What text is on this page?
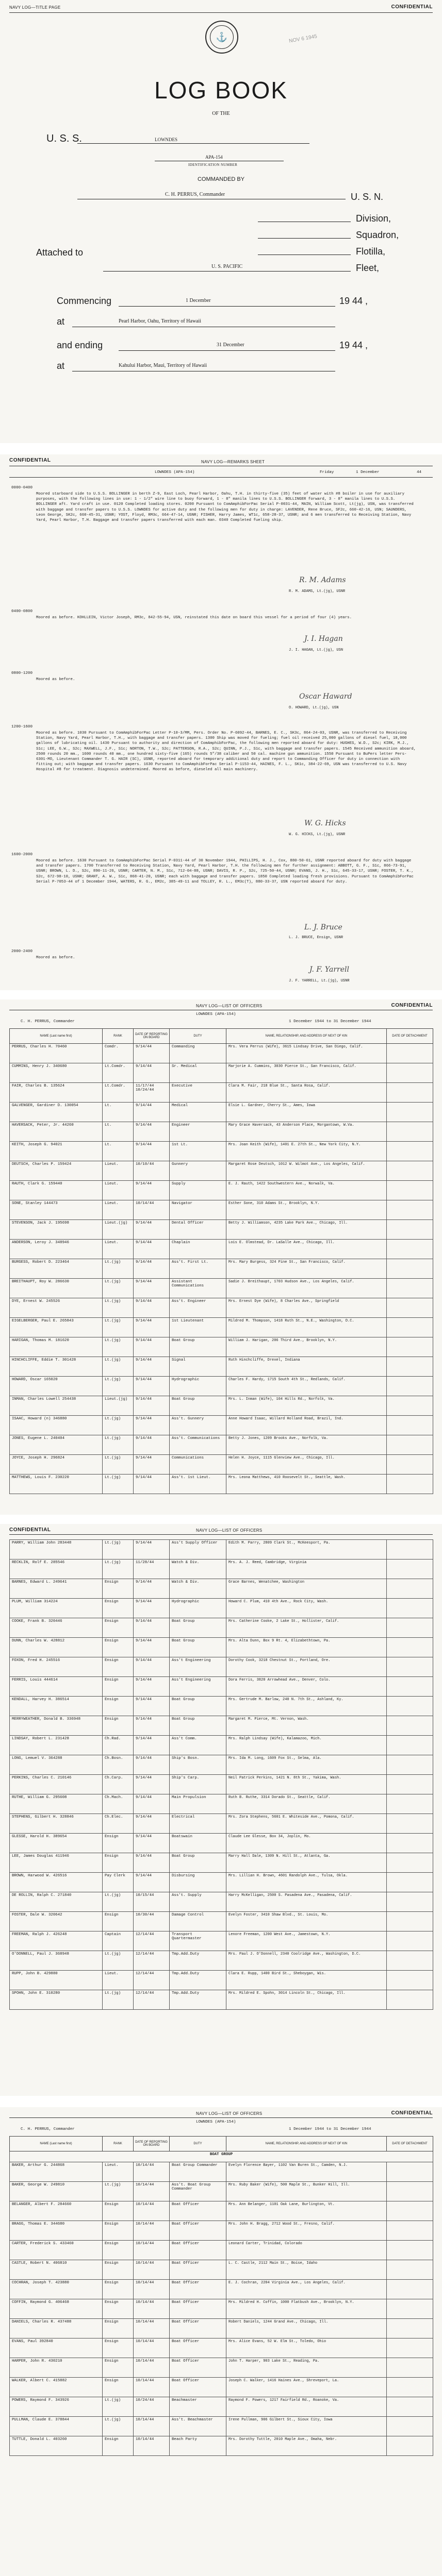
NAVY LOG—TITLE PAGE	CONFIDENTIAL
⚓	NOV 6 1945
LOG BOOK
OF THE
U. S. S.	LOWNDES
APA-154
IDENTIFICATION NUMBER
COMMANDED BY
C. H. PERRUS, Commander	U. S. N.
Division,
Squadron,
Attached to	Flotilla,
U. S. PACIFIC	Fleet,
Commencing	1 December	19 44 ,
at	Pearl Harbor, Oahu, Territory of Hawaii
and ending	31 December	19 44 ,
at	Kahului Harbor, Maui, Territory of Hawaii
CONFIDENTIAL	NAVY LOG—REMARKS SHEET
LOWNDES (APA-154)	Friday	1 December	44
0000-0400
Moored starboard side to U.S.S. BOLLINGER in berth Z-9, East Loch, Pearl Harbor, Oahu, T.H. in thirty-five (35) feet of water with #8 boiler in use for auxiliary purposes, with the following lines in use: 1 - 1/2" wire line to buoy forward, 1 - 8" manila lines to U.S.S. BOLLINGER forward, 3 - 8" manila lines to U.S.S. BOLLINGER aft. Yard craft in use. 0120 Completed loading stores. 0200 Pursuant to ComAmphibForPac Serial P-0031-44, MAIN, William Scott, Lt(jg), USN, was transferred with baggage and transfer papers to U.S.S. LOWNDES for active duty and the following men for duty in charge: LAVENDER, Rene Bruce, SF2c, 660-42-16, USN; SAUNDERS, Leon George, SK2c, 660-45-31, USNR; YOST, Floyd, RM3c, 664-47-14, USNR; FISHER, Harry James, WT1c, 658-28-37, USNR; and 6 men transferred to Receiving Station, Navy Yard, Pearl Harbor, T.H. Baggage and transfer papers transferred with each man. 0340 Completed fueling ship.
R. M. Adams
R. M. ADAMS, Lt.(jg), USNR
0400-0800
Moored as before. KOHLLEIN, Victor Joseph, RM3c, 842-55-94, USN, reinstated this date on board this vessel for a period of four (4) years.
J. I. Hagan
J. I. HAGAN, Lt.(jg), USN
0800-1200
Moored as before.
Oscar Haward
O. HOWARD, Lt.(jg), USN
1200-1600
Moored as before. 1030 Pursuant to ComAmphibForPac Letter P-10-3/MM, Pers. Order No. P-6092-44, BARNES, E. C., SK3c, 864-24-03, USNR, was transferred to Receiving Station, Navy Yard, Pearl Harbor, T.H., with baggage and transfer papers. 1300 Ship was moved for fueling; fuel oil received 25,000 gallons of diesel fuel, 18,000 gallons of lubricating oil. 1430 Pursuant to authority and direction of ComAmphibForPac, the following men reported aboard for duty: HUGHES, W.D., S2c; KIRK, M.J., S1c; LEE, G.W., S2c; MAXWELL, J.F., S1c; NORTON, T.W., S2c; PATTERSON, R.A., S2c; QUINN, P.J., S1c, with baggage and transfer papers. 1545 Received ammunition aboard, 2500 rounds 20 mm., 1600 rounds 40 mm., one hundred sixty-five (165) rounds 5"/38 caliber and 50 cal. machine gun ammunition. 1550 Pursuant to BuPers letter Pers-6301-MO, Lieutenant Commander T. G. HAIR (SC), USNR, reported aboard for temporary additional duty and report to Commanding Officer for duty in connection with fitting out; with baggage and transfer papers. 1630 Pursuant to ComAmphibForPac Serial P-1153-44, HAINES, F. L., SK1c, 384-22-69, USN was transferred to U.S. Navy Hospital #8 for treatment. Diagnosis undetermined. Moored as before, dieseled all main machinery.
W. G. Hicks
W. G. HICKS, Lt.(jg), USNR
1600-2000
Moored as before. 1630 Pursuant to ComAmphibForPac Serial P-0311-44 of 30 November 1944, PHILLIPS, H. J., Cox, 880-50-61, USNR reported aboard for duty with baggage and transfer papers. 1700 Transferred to Receiving Station, Navy Yard, Pearl Harbor, T.H. the following men for further assignment: ABBOTT, G. F., S1c, 866-73-91, USNR; BROWN, L. D., S2c, 890-11-26, USNR; CARTER, N. M., S1c, 712-04-88, USNR; DAVIS, R. P., S2c, 725-50-44, USNR; EVANS, J. H., S1c, 645-33-17, USNR; FOSTER, T. K., S2c, 672-98-10, USNR; GRANT, A. W., S1c, 868-41-20, USNR; each with baggage and transfer papers. 1850 Completed loading fresh provisions. Pursuant to ComAmphibForPac Serial P-7053-44 of 1 December 1944, WATERS, R. G., EM2c, 385-49-11 and TOLLEY, R. L., EM3c(T), 880-33-37, USN reported aboard for duty.
L. J. Bruce
L. J. BRUCE, Ensign, USNR
2000-2400
Moored as before.
J. F. Yarrell
J. F. YARRELL, Lt.(jg), USNR
NAVY LOG—LIST OF OFFICERS	CONFIDENTIAL
LOWNDES (APA-154)
C. H. PERRUS, Commander	1 December 1944 to 31 December 1944
NAME (Last name first)	RANK	DATE OF REPORTING ON BOARD	DUTY	NAME, RELATIONSHIP, AND ADDRESS OF NEXT OF KIN	DATE OF DETACHMENT
PERRUS, Charles H. 70460	Comdr.	9/14/44	Commanding	Mrs. Vera Perrus (Wife), 3615 Lindsay Drive, San Diego, Calif.	
CUMMINS, Henry J. 340680	Lt.Comdr.	9/14/44	Sr. Medical	Marjorie A. Cummins, 3030 Pierce St., San Francisco, Calif.	
FAIR, Charles B. 135624	Lt.Comdr.	11/17/44 10/24/44	Executive	Clara M. Fair, 218 Blue St., Santa Rosa, Calif.	
GALVENGER, Gardiner D. 130054	Lt.	9/14/44	Medical	Elsie L. Gardner, Cherry St., Ames, Iowa	
HAVERSACK, Peter, Jr. 44260	Lt.	9/14/44	Engineer	Mary Grace Haversack, 43 Anderson Place, Morgantown, W.Va.	
KEITH, Joseph G. 94021	Lt.	9/14/44	1st Lt.	Mrs. Joan Keith (Wife), 1401 E. 27th St., New York City, N.Y.	
DEUTSCH, Charles P. 159424	Lieut.	10/10/44	Gunnery	Margaret Rose Deutsch, 1012 W. Wilmot Ave., Los Angeles, Calif.	
RAUTH, Clark G. 159440	Lieut.	9/14/44	Supply	E. J. Rauth, 1422 Southwestern Ave., Norwalk, Va.	
SONE, Stanley 144473	Lieut.	10/14/44	Navigator	Esther Sone, 310 Adams St., Brooklyn, N.Y.	
STEVENSON, Jack J. 195698	Lieut.(jg)	9/14/44	Dental Officer	Betty J. Williamson, 4235 Lake Park Ave., Chicago, Ill.	
ANDERSON, Leroy J. 348946	Lieut.	9/14/44	Chaplain	Lois E. Olmstead, Dr. LaSalle Ave., Chicago, Ill.	
BURGESS, Robert D. 223464	Lt.(jg)	9/14/44	Ass't. First Lt.	Mrs. Mary Burgess, 324 Pine St., San Francisco, Calif.	
BREITHAUPT, Roy W. 286630	Lt.(jg)	9/14/44	Assistant Communications	Sadie J. Breithaupt, 1703 Hudson Ave., Los Angeles, Calif.	
DYE, Ernest W. 245526	Lt.(jg)	9/14/44	Ass't. Engineer	Mrs. Ernest Dye (Wife), 8 Charles Ave., Springfield	
EIGELBERGER, Paul E. 265843	Lt.(jg)	9/14/44	1st Lieutenant	Mildred M. Thompson, 1418 Ruth St., N.E., Washington, D.C.	
HARIGAN, Thomas M. 181620	Lt.(jg)	9/14/44	Boat Group	William J. Harigan, 206 Third Ave., Brooklyn, N.Y.	
HINCHCLIFFE, Eddie T. 301428	Lt.(jg)	9/14/44	Signal	Ruth Hinchcliffe, Drexel, Indiana	
HOWARD, Oscar 165020	Lt.(jg)	9/14/44	Hydrographic	Charles F. Hardy, 1715 South 4th St., Redlands, Calif.	
INMAN, Charles Lowell 254438	Lieut.(jg)	9/14/44	Boat Group	Mrs. L. Inman (Wife), 104 Hills Rd., Norfolk, Va.	
ISAAC, Howard (n) 346880	Lt.(jg)	9/14/44	Ass't. Gunnery	Anne Howard Isaac, Willard Holland Road, Brazil, Ind.	
JONES, Eugene L. 240404	Lt.(jg)	9/14/44	Ass't. Communications	Betty J. Jones, 1209 Brooks Ave., Norfolk, Va.	
JOYCE, Joseph H. 296824	Lt.(jg)	9/14/44	Communications	Helen H. Joyce, 1115 Glenview Ave., Chicago, Ill.	
MATTHEWS, Louis F. 230220	Lt.(jg)	9/14/44	Ass't. 1st Lieut.	Mrs. Leona Matthews, 410 Roosevelt St., Seattle, Wash.	
CONFIDENTIAL	NAVY LOG—LIST OF OFFICERS
PARRY, William John 283448	Lt.(jg)	9/14/44	Ass't Supply Officer	Edith M. Parry, 2809 Clark St., McKeesport, Pa.	
RECKLIN, Rolf E. 285546	Lt.(jg)	11/28/44	Watch & Div.	Mrs. A. J. Reed, Cambridge, Virginia	
BARNES, Edward L. 249641	Ensign	9/14/44	Watch & Div.	Grace Barnes, Wenatchee, Washington	
PLUM, William 314224	Ensign	9/14/44	Hydrographic	Howard C. Plum, 410 4th Ave., Rock City, Wash.	
COOKE, Frank B. 320446	Ensign	9/14/44	Boat Group	Mrs. Catherine Cooke, 2 Lake St., Hollister, Calif.	
DUNN, Charles W. 428812	Ensign	9/14/44	Boat Group	Mrs. Alta Dunn, Box 9 Rt. 4, Elizabethtown, Pa.	
FOXON, Fred H. 245516	Ensign	9/14/44	Ass't Engineering	Dorothy Cook, 3218 Chestnut St., Portland, Ore.	
FERRIS, Louis 444614	Ensign	9/14/44	Ass't Engineering	Dora Ferris, 3820 Arrowhead Ave., Denver, Colo.	
KENDALL, Harvey H. 386514	Ensign	9/14/44	Boat Group	Mrs. Gertrude M. Barlow, 240 N. 7th St., Ashland, Ky.	
MERRYWEATHER, Donald B. 336948	Ensign	9/14/44	Boat Group	Margaret M. Pierce, Mt. Vernon, Wash.	
LINDSAY, Robert L. 231428	Ch.Rad.	9/14/44	Ass't Comm.	Mrs. Ralph Lindsay (Wife), Kalamazoo, Mich.	
LONG, Lemuel V. 364288	Ch.Bosn.	9/14/44	Ship's Bosn.	Mrs. Ida M. Long, 1609 Fox St., Selma, Ala.	
PERKINS, Charles C. 210146	Ch.Carp.	9/14/44	Ship's Carp.	Neil Patrick Perkins, 1421 N. 8th St., Yakima, Wash.	
RUTHE, William G. 295608	Ch.Mach.	9/14/44	Main Propulsion	Ruth B. Ruthe, 3314 Dorado St., Seattle, Calif.	
STEPHENS, Gilbert H. 328846	Ch.Elec.	9/14/44	Electrical	Mrs. Zora Stephens, 5601 E. Whiteside Ave., Pomona, Calif.	
GLESSE, Harold H. 389654	Ensign	9/14/44	Boatswain	Claude Lee Glesse, Box 34, Joplin, Mo.	
LEE, James Douglas 411946	Ensign	9/14/44	Boat Group	Marry Hall Dale, 1309 N. Hill St., Atlanta, Ga.	
BROWN, Harwood W. 426516	Pay Clerk	9/14/44	Disbursing	Mrs. Lillian H. Brown, 4601 Randolph Ave., Tulsa, Okla.	
DE ROLLIN, Ralph C. 271840	Lt.(jg)	10/15/44	Ass't. Supply	Harry McKelligan, 2500 S. Pasadena Ave., Pasadena, Calif.	
FOSTER, Dale W. 320642	Ensign	10/30/44	Damage Control	Evelyn Foster, 3410 Shaw Blvd., St. Louis, Mo.	
FREEMAN, Ralph J. 426248	Captain	12/14/44	Transport Quartermaster	Lenore Freeman, 1200 West Ave., Jamestown, N.Y.	
O'DONNELL, Paul J. 368948	Lt.(jg)	12/14/44	Tmp.Add.Duty	Mrs. Paul J. O'Donnell, 2340 Coolridge Ave., Washington, D.C.	
RUPP, John B. 429880	Lieut.	12/14/44	Tmp.Add.Duty	Clara E. Rupp, 1400 Bird St., Sheboygan, Wis.	
SPOHN, John E. 310280	Lt.(jg)	12/14/44	Tmp.Add.Duty	Mrs. Mildred E. Spohn, 3014 Lincoln St., Chicago, Ill.	
NAVY LOG—LIST OF OFFICERS	CONFIDENTIAL
LOWNDES (APA-154)
C. H. PERRUS, Commander	1 December 1944 to 31 December 1944
NAME (Last name first)	RANK	DATE OF REPORTING ON BOARD	DUTY	NAME, RELATIONSHIP, AND ADDRESS OF NEXT OF KIN	DATE OF DETACHMENT
BOAT GROUP					
BAKER, Arthur G. 244868	Lieut.	10/14/44	Boat Group Commander	Evelyn Florence Bayer, 1102 Van Buren St., Camden, N.J.	
BAKER, George W. 249810	Lt.(jg)	10/14/44	Ass't. Boat Group Commander	Mrs. Ruby Baker (Wife), 500 Maple St., Bunker Hill, Ill.	
BELANGER, Albert F. 284660	Ensign	10/14/44	Boat Officer	Mrs. Ann Belanger, 1101 Oak Lane, Burlington, Vt.	
BRAGG, Thomas E. 344680	Ensign	10/14/44	Boat Officer	Mrs. John H. Bragg, 2712 Wood St., Fresno, Calif.	
CARTER, Frederick S. 433460	Ensign	10/14/44	Boat Officer	Leonard Carter, Trinidad, Colorado	
CASTLE, Robert N. 406810	Ensign	10/14/44	Boat Officer	L. C. Castle, 2112 Main St., Boise, Idaho	
COCHRAN, Joseph T. 423880	Ensign	10/14/44	Boat Officer	E. J. Cochran, 2204 Virginia Ave., Los Angeles, Calif.	
COFFIN, Raymond G. 406468	Ensign	10/14/44	Boat Officer	Mrs. Mildred H. Coffin, 1000 Flatbush Ave., Brooklyn, N.Y.	
DANIELS, Charles R. 437488	Ensign	10/14/44	Boat Officer	Robert Daniels, 1244 Grand Ave., Chicago, Ill.	
EVANS, Paul 392840	Ensign	10/14/44	Boat Officer	Mrs. Alice Evans, 52 W. Elm St., Toledo, Ohio	
HARPER, John R. 430210	Ensign	10/14/44	Boat Officer	John T. Harper, 903 Lake St., Reading, Pa.	
WALKER, Albert C. 415882	Ensign	10/14/44	Boat Officer	Joseph C. Walker, 1416 Haines Ave., Shreveport, La.	
POWERS, Raymond F. 343926	Lt.(jg)	10/24/44	Beachmaster	Raymond F. Powers, 1217 Fairfield Rd., Roanoke, Va.	
PULLMAN, Claude E. 378844	Lt.(jg)	10/14/44	Ass't. Beachmaster	Irene Pullman, 906 Gilbert St., Sioux City, Iowa	
TUTTLE, Donald L. 403260	Ensign	10/14/44	Beach Party	Mrs. Dorothy Tuttle, 2010 Maple Ave., Omaha, Nebr.	
